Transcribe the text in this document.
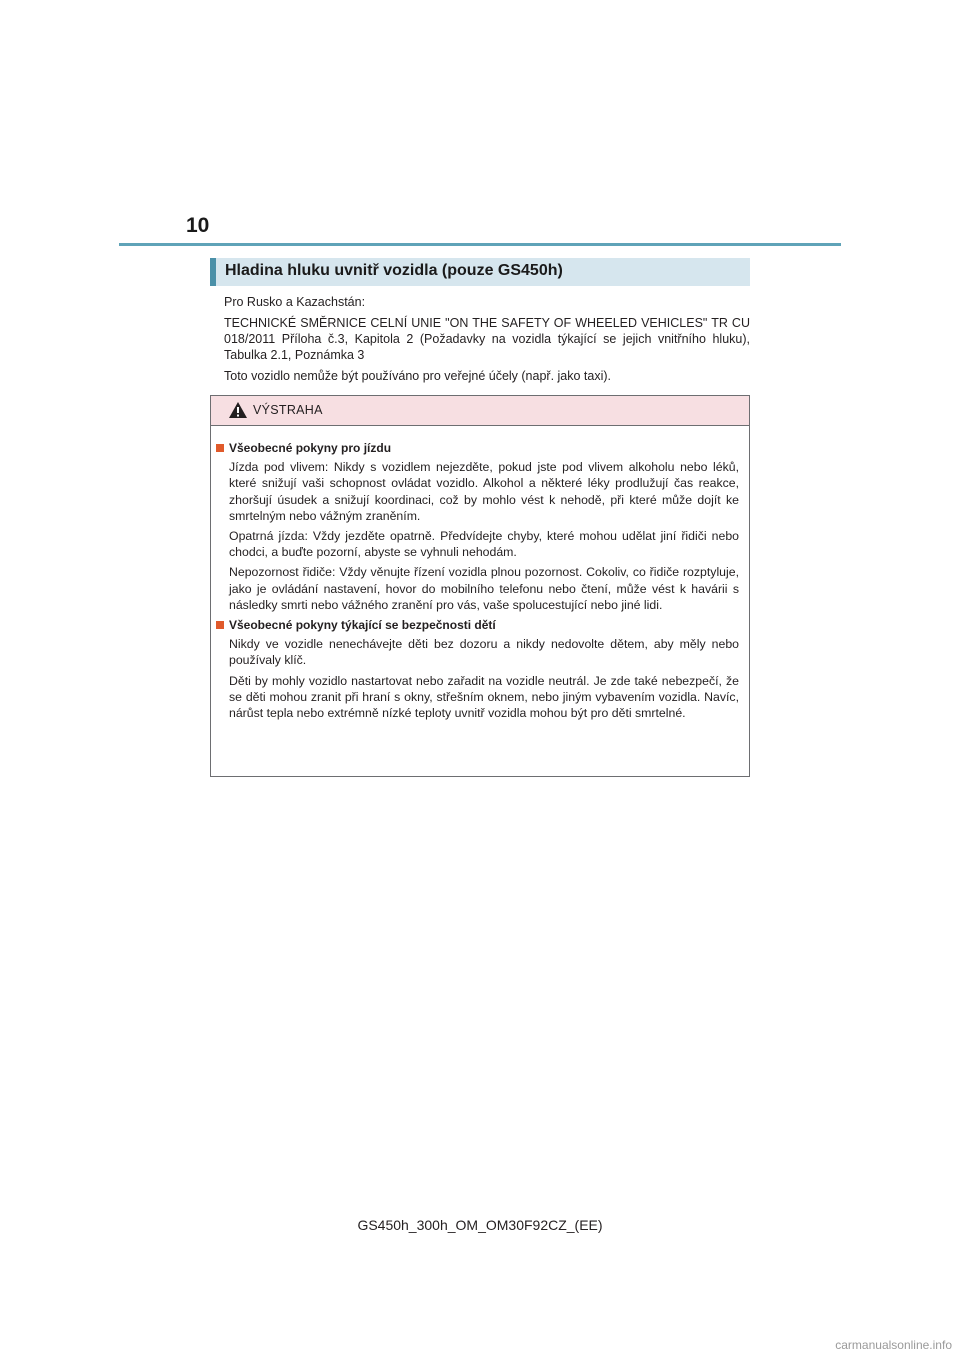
10
Hladina hluku uvnitř vozidla (pouze GS450h)

Pro Rusko a Kazachstán:

TECHNICKÉ SMĚRNICE CELNÍ UNIE "ON THE SAFETY OF WHEELED VEHICLES" TR CU 018/2011 Příloha č.3, Kapitola 2 (Požadavky na vozidla týkající se jejich vnitřního hluku), Tabulka 2.1, Poznámka 3

Toto vozidlo nemůže být používáno pro veřejné účely (např. jako taxi).

VÝSTRAHA
Všeobecné pokyny pro jízdu

Jízda pod vlivem: Nikdy s vozidlem nejezděte, pokud jste pod vlivem alkoholu nebo léků, které snižují vaši schopnost ovládat vozidlo. Alkohol a některé léky prodlužují čas reakce, zhoršují úsudek a snižují koordinaci, což by mohlo vést k nehodě, při které může dojít ke smrtelným nebo vážným zraněním.

Opatrná jízda: Vždy jezděte opatrně. Předvídejte chyby, které mohou udělat jiní řidiči nebo chodci, a buďte pozorní, abyste se vyhnuli nehodám.

Nepozornost řidiče: Vždy věnujte řízení vozidla plnou pozornost. Cokoliv, co řidiče rozptyluje, jako je ovládání nastavení, hovor do mobilního telefonu nebo čtení, může vést k havárii s následky smrti nebo vážného zranění pro vás, vaše spolucestující nebo jiné lidi.

Všeobecné pokyny týkající se bezpečnosti dětí

Nikdy ve vozidle nenechávejte děti bez dozoru a nikdy nedovolte dětem, aby měly nebo používaly klíč.

Děti by mohly vozidlo nastartovat nebo zařadit na vozidle neutrál. Je zde také nebezpečí, že se děti mohou zranit při hraní s okny, střešním oknem, nebo jiným vybavením vozidla. Navíc, nárůst tepla nebo extrémně nízké teploty uvnitř vozidla mohou být pro děti smrtelné.

GS450h_300h_OM_OM30F92CZ_(EE)
carmanualsonline.info
